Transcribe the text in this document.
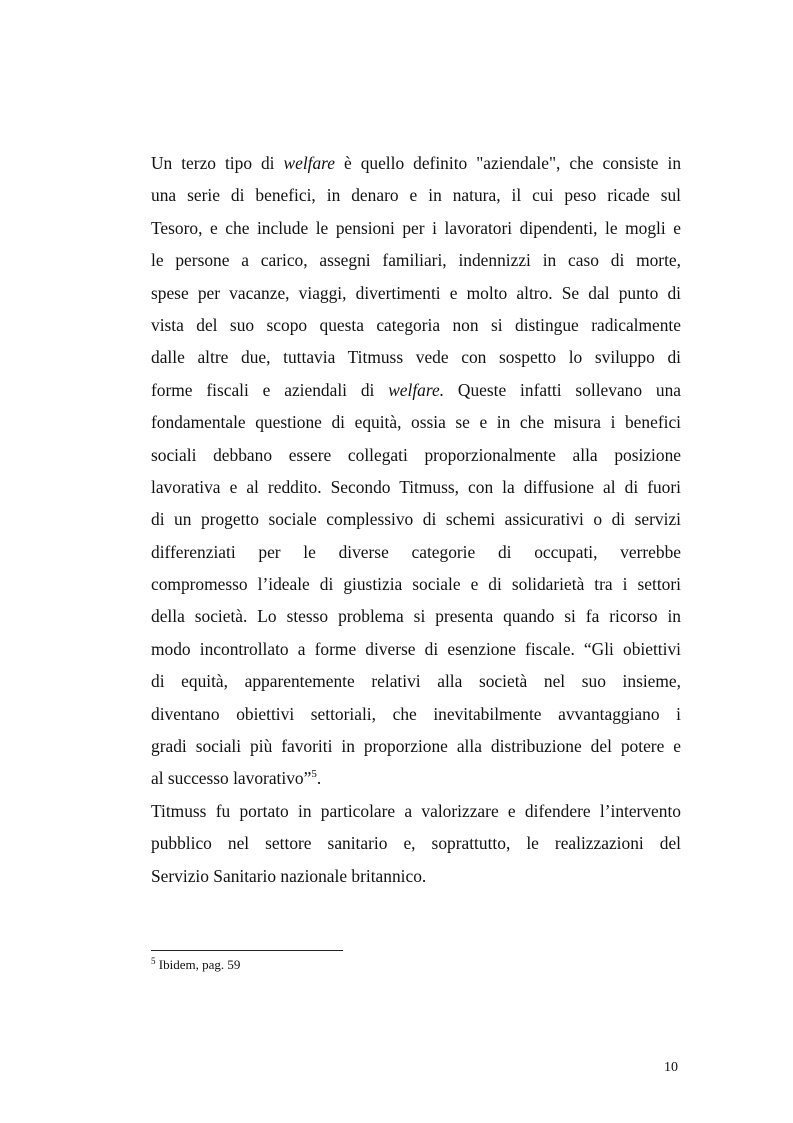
Un terzo tipo di welfare è quello definito "aziendale", che consiste in
una serie di benefici, in denaro e in natura, il cui peso ricade sul
Tesoro, e che include le pensioni per i lavoratori dipendenti, le mogli e
le persone a carico, assegni familiari, indennizzi in caso di morte,
spese per vacanze, viaggi, divertimenti e molto altro. Se dal punto di
vista del suo scopo questa categoria non si distingue radicalmente
dalle altre due, tuttavia Titmuss vede con sospetto lo sviluppo di
forme fiscali e aziendali di welfare. Queste infatti sollevano una
fondamentale questione di equità, ossia se e in che misura i benefici
sociali debbano essere collegati proporzionalmente alla posizione
lavorativa e al reddito. Secondo Titmuss, con la diffusione al di fuori
di un progetto sociale complessivo di schemi assicurativi o di servizi
differenziati per le diverse categorie di occupati, verrebbe
compromesso l’ideale di giustizia sociale e di solidarietà tra i settori
della società. Lo stesso problema si presenta quando si fa ricorso in
modo incontrollato a forme diverse di esenzione fiscale. “Gli obiettivi
di equità, apparentemente relativi alla società nel suo insieme,
diventano obiettivi settoriali, che inevitabilmente avvantaggiano i
gradi sociali più favoriti in proporzione alla distribuzione del potere e
al successo lavorativo”$^5$.
Titmuss fu portato in particolare a valorizzare e difendere l’intervento
pubblico nel settore sanitario e, soprattutto, le realizzazioni del
Servizio Sanitario nazionale britannico.
$^5$ Ibidem, pag. 59
10
